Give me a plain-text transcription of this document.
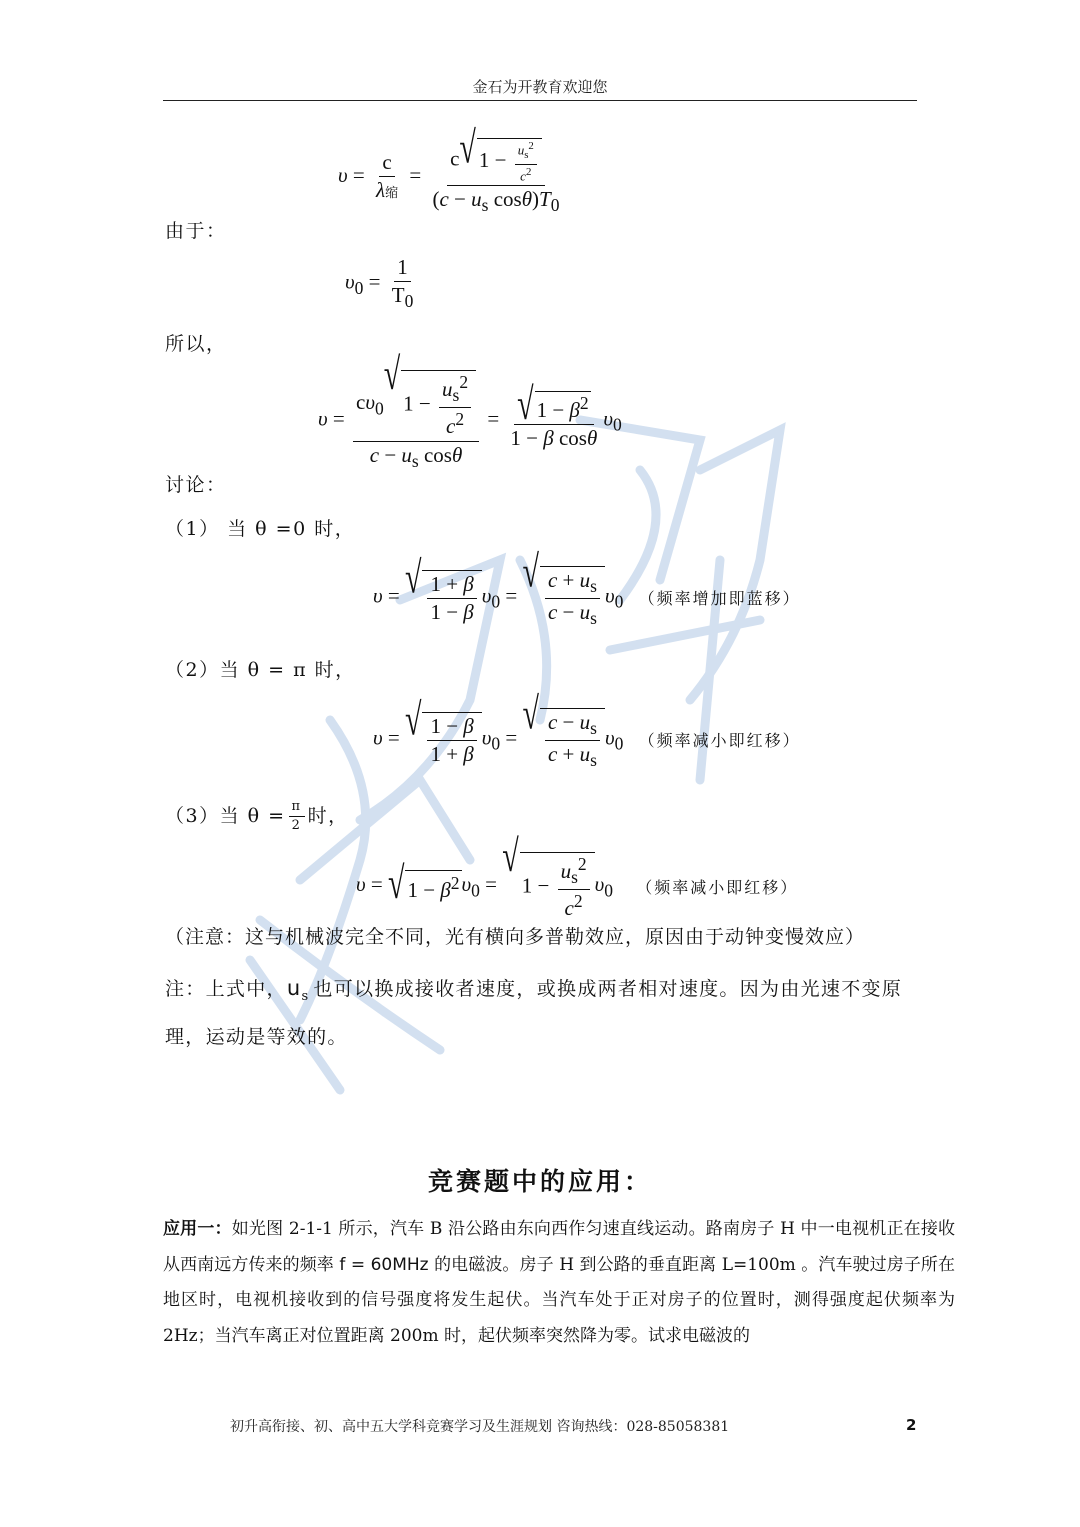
金石为开教育欢迎您
$\upsilon = \frac{c}{\text{λ缩}} = \frac{c √ 1 - \frac{u_s^2}{c^2}}{(c - u_s \cos\theta)T_0}$
由于：
$\upsilon_0 = \frac{1}{T_0}$
所以，
$\upsilon = c\upsilon_0$
√
$1 - \frac{u_s^2}{c^2}$
$c - u_s$ $\cos\theta = \frac{√ 1 - \beta^2}{\text{1 − β cosθ}} \upsilon_0$
讨论：
（1） 当 θ =0 时，
υ = √ $\frac{1 + \beta}{1 - \beta} \upsilon_0$ = √ $\frac{c + u_s}{c - u_s} \upsilon_0$ （频率增加即蓝移）
（2）当 θ = π 时，
υ = √ $\frac{1 - \beta}{1 + \beta} \upsilon_0$ = √ $\frac{c - u_s}{c + u_s} \upsilon_0$ （频率减小即红移）
（3）当 $\theta = \frac{\pi}{2}$ 时，
υ = √ $1 - \beta^2$ $\upsilon_0$ =
√
$1 - \frac{u_s^2}{c^2} \upsilon_0$ （频率减小即红移）
（注意：这与机械波完全不同，光有横向多普勒效应，原因由于动钟变慢效应）
注：上式中，$u_s$ 也可以换成接收者速度，或换成两者相对速度。因为由光速不变原
理，运动是等效的。
竞赛题中的应用：
应用一：如光图 2-1-1 所示，汽车 B 沿公路由东向西作匀速直线运动。路南房子 H 中一电视机正在接收从西南远方传来的频率 f = 60MHz 的电磁波。房子 H 到公路的垂直距离 L=100m 。汽车驶过房子所在地区时，电视机接收到的信号强度将发生起伏。当汽车处于正对房子的位置时，测得强度起伏频率为 2Hz；当汽车离正对位置距离 200m 时，起伏频率突然降为零。试求电磁波的
初升高衔接、初、高中五大学科竞赛学习及生涯规划 咨询热线：028-85058381	2
